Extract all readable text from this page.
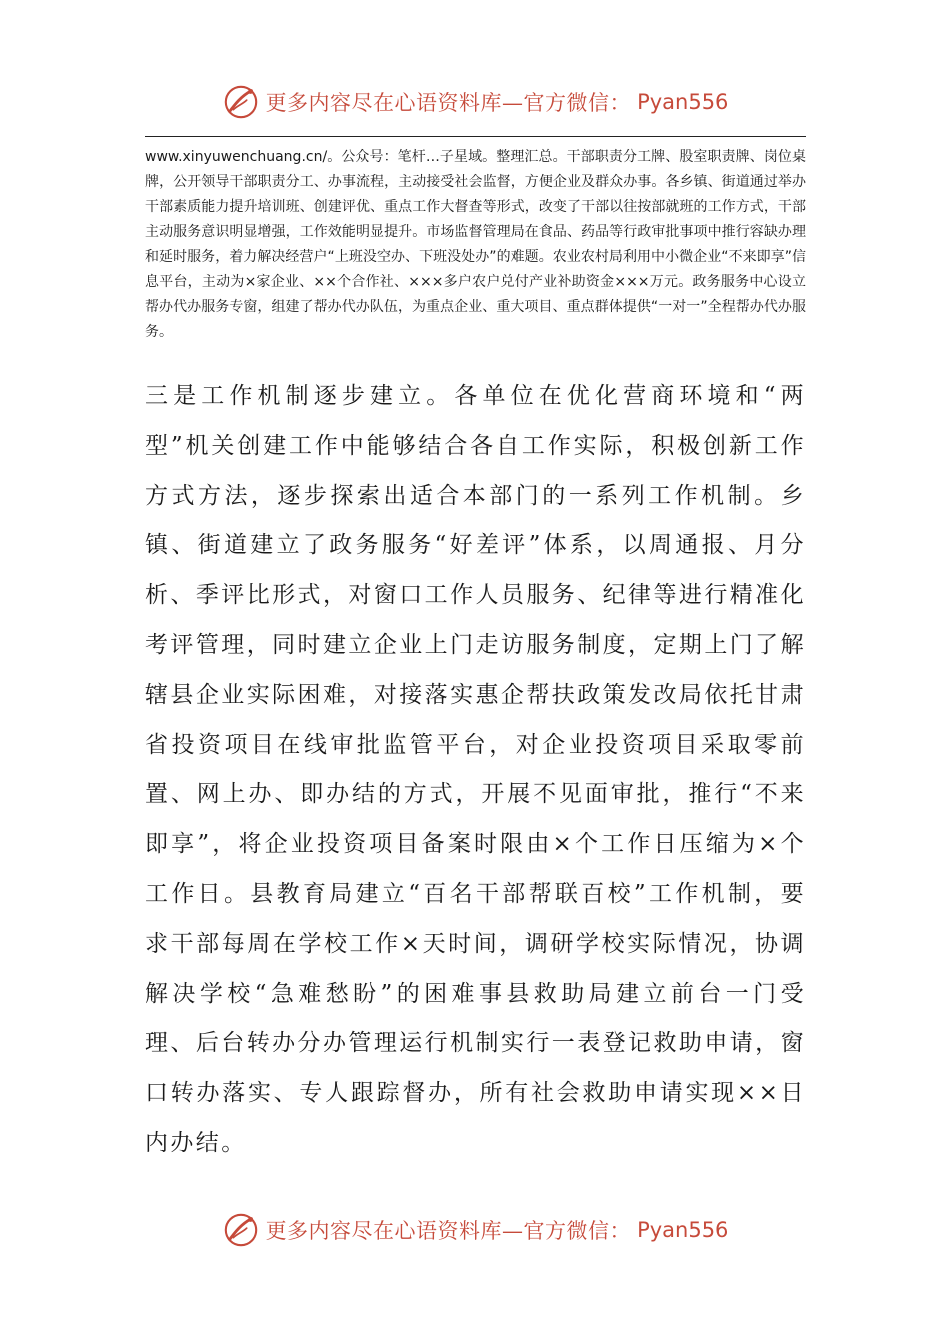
更多内容尽在心语资料库—官方微信： Pyan556

www.xinyuwenchuang.cn/。公众号：笔杆…子星域。整理汇总。干部职责分工牌、股室职责牌、岗位桌牌，公开领导干部职责分工、办事流程，主动接受社会监督，方便企业及群众办事。各乡镇、街道通过举办干部素质能力提升培训班、创建评优、重点工作大督查等形式，改变了干部以往按部就班的工作方式，干部主动服务意识明显增强，工作效能明显提升。市场监督管理局在食品、药品等行政审批事项中推行容缺办理和延时服务，着力解决经营户“上班没空办、下班没处办”的难题。农业农村局利用中小微企业“不来即享”信息平台，主动为×家企业、××个合作社、×××多户农户兑付产业补助资金×××万元。政务服务中心设立帮办代办服务专窗，组建了帮办代办队伍，为重点企业、重大项目、重点群体提供“一对一”全程帮办代办服务。

三是工作机制逐步建立。各单位在优化营商环境和“两型”机关创建工作中能够结合各自工作实际，积极创新工作方式方法，逐步探索出适合本部门的一系列工作机制。乡镇、街道建立了政务服务“好差评”体系，以周通报、月分析、季评比形式，对窗口工作人员服务、纪律等进行精准化考评管理，同时建立企业上门走访服务制度，定期上门了解辖县企业实际困难，对接落实惠企帮扶政策发改局依托甘肃省投资项目在线审批监管平台，对企业投资项目采取零前置、网上办、即办结的方式，开展不见面审批，推行“不来即享”，将企业投资项目备案时限由×个工作日压缩为×个工作日。县教育局建立“百名干部帮联百校”工作机制，要求干部每周在学校工作×天时间，调研学校实际情况，协调解决学校“急难愁盼”的困难事县救助局建立前台一门受理、后台转办分办管理运行机制实行一表登记救助申请，窗口转办落实、专人跟踪督办，所有社会救助申请实现××日内办结。

更多内容尽在心语资料库—官方微信： Pyan556
